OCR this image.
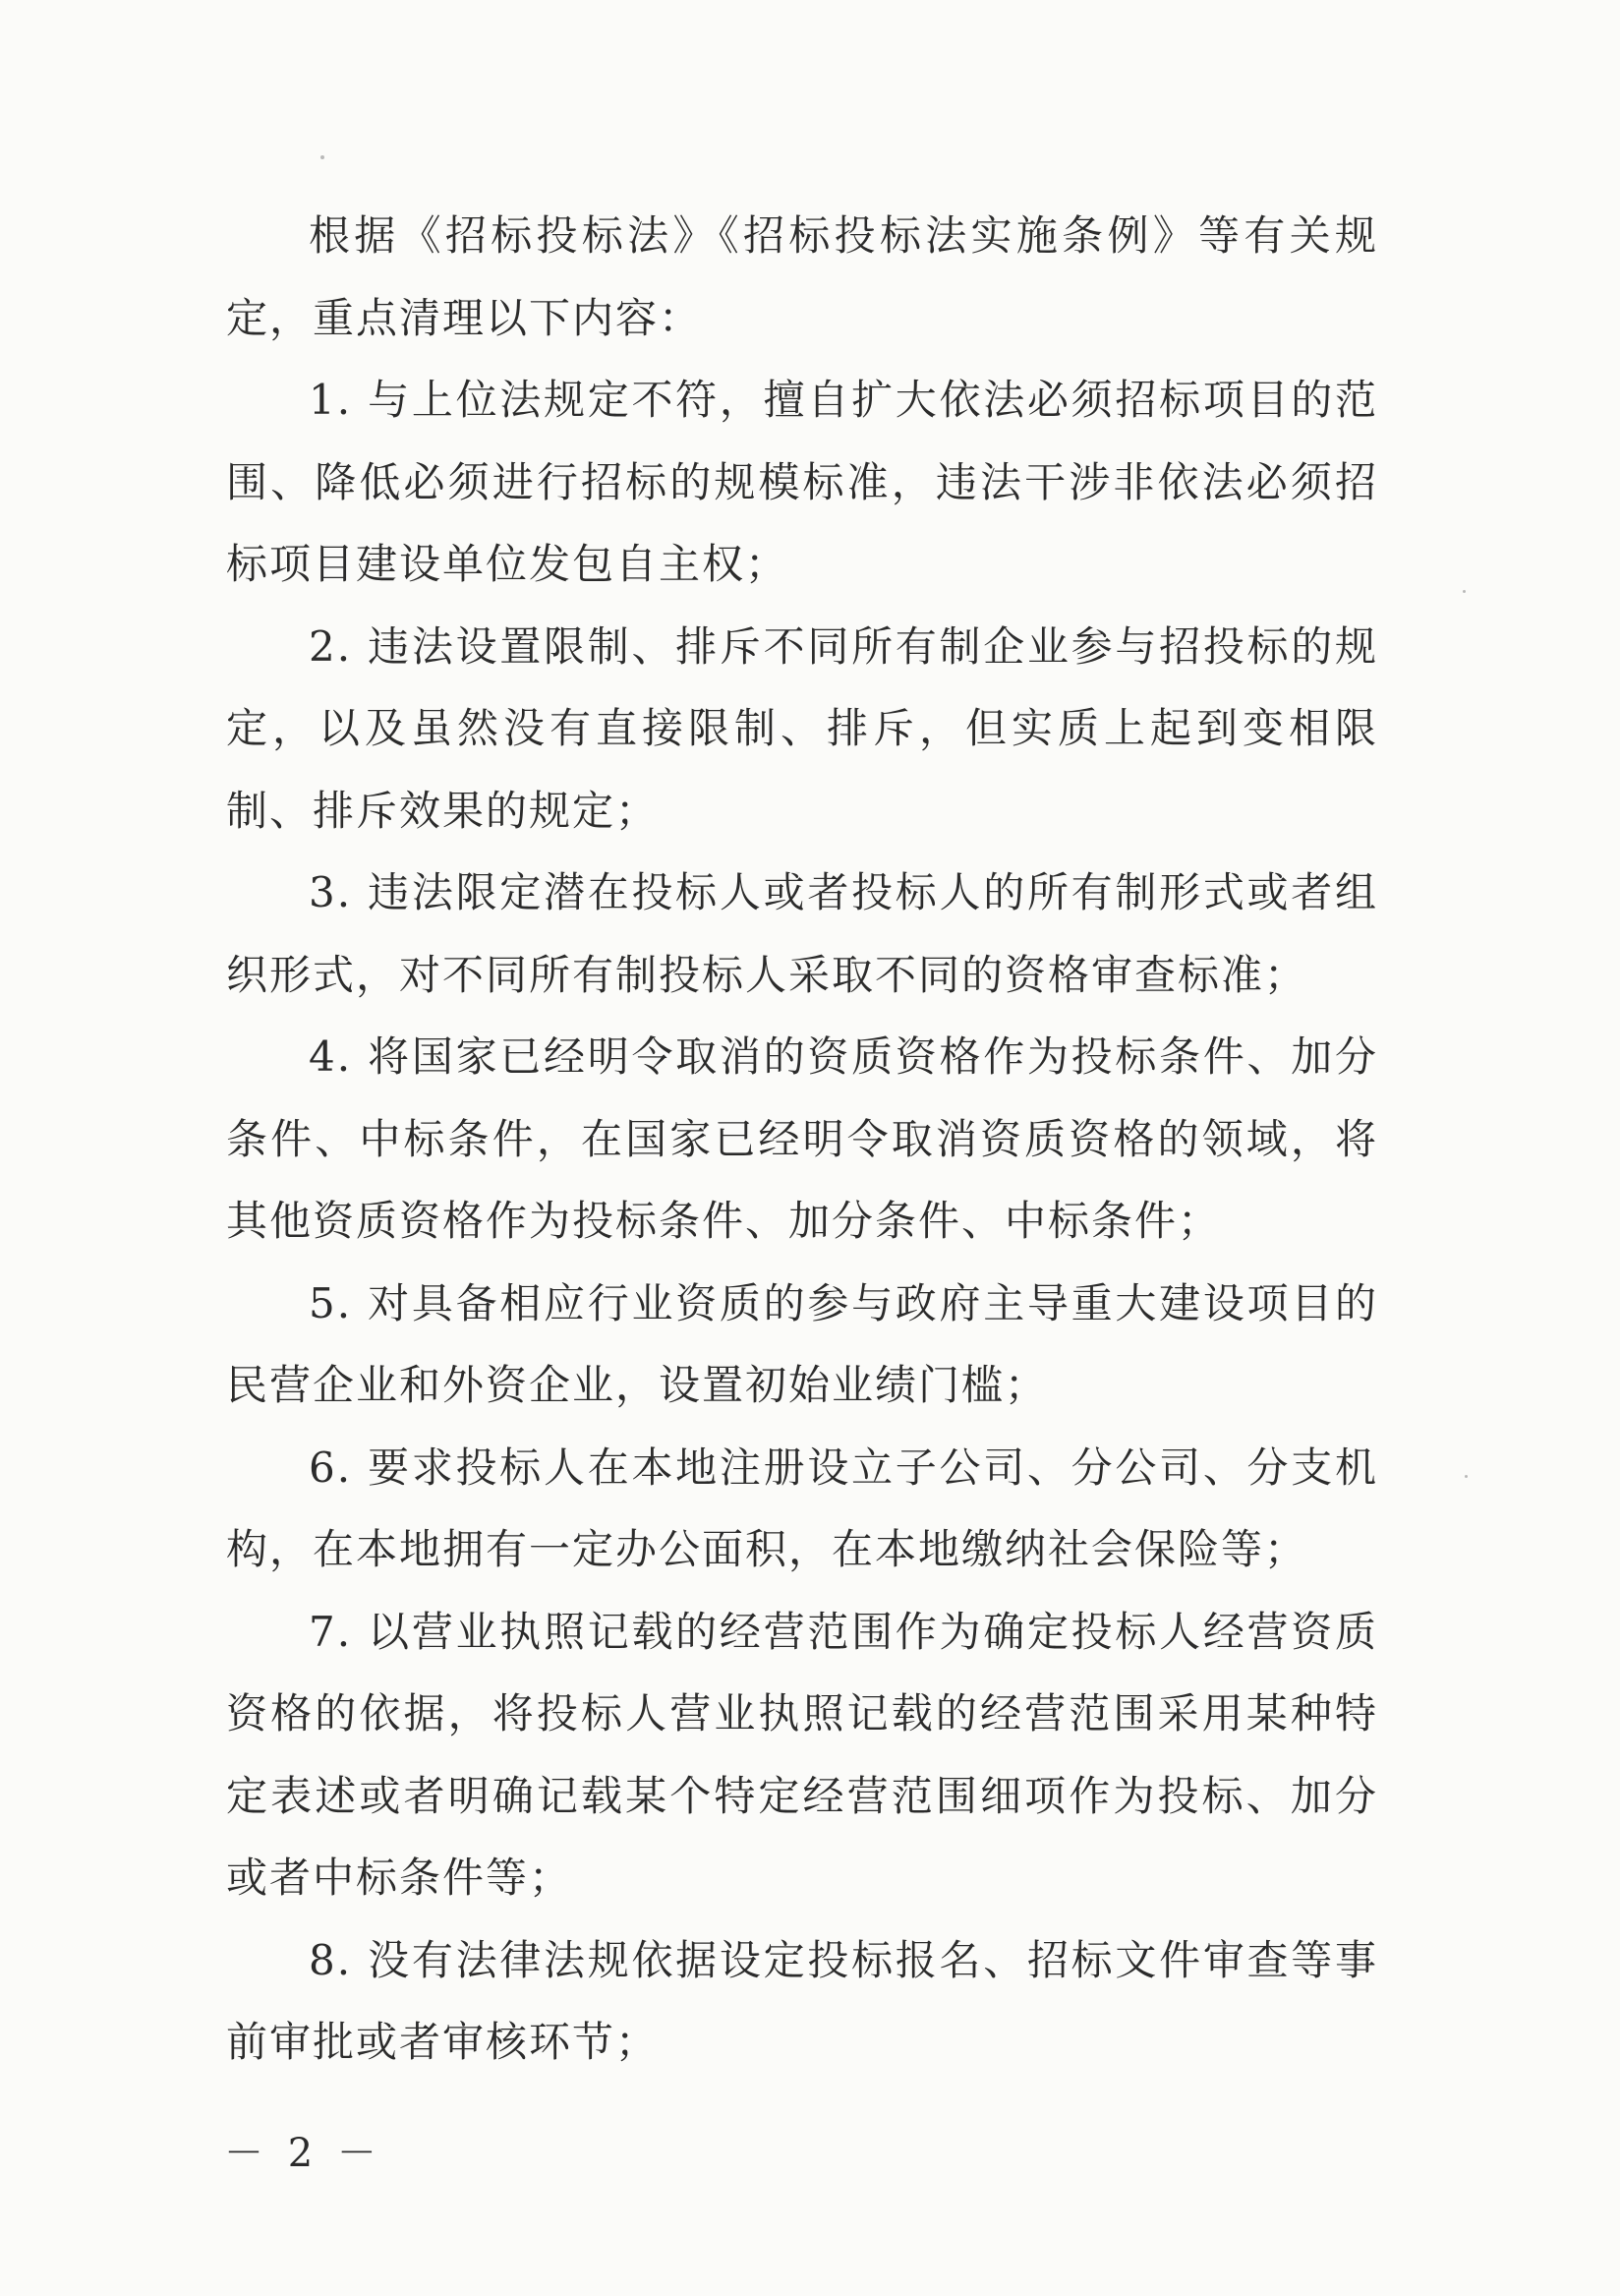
根据《招标投标法》《招标投标法实施条例》等有关规定，重点清理以下内容：

1. 与上位法规定不符，擅自扩大依法必须招标项目的范围、降低必须进行招标的规模标准，违法干涉非依法必须招标项目建设单位发包自主权；

2. 违法设置限制、排斥不同所有制企业参与招投标的规定，以及虽然没有直接限制、排斥，但实质上起到变相限制、排斥效果的规定；

3. 违法限定潜在投标人或者投标人的所有制形式或者组织形式，对不同所有制投标人采取不同的资格审查标准；

4. 将国家已经明令取消的资质资格作为投标条件、加分条件、中标条件，在国家已经明令取消资质资格的领域，将其他资质资格作为投标条件、加分条件、中标条件；

5. 对具备相应行业资质的参与政府主导重大建设项目的民营企业和外资企业，设置初始业绩门槛；

6. 要求投标人在本地注册设立子公司、分公司、分支机构，在本地拥有一定办公面积，在本地缴纳社会保险等；

7. 以营业执照记载的经营范围作为确定投标人经营资质资格的依据，将投标人营业执照记载的经营范围采用某种特定表述或者明确记载某个特定经营范围细项作为投标、加分或者中标条件等；

8. 没有法律法规依据设定投标报名、招标文件审查等事前审批或者审核环节；

－ 2 －
